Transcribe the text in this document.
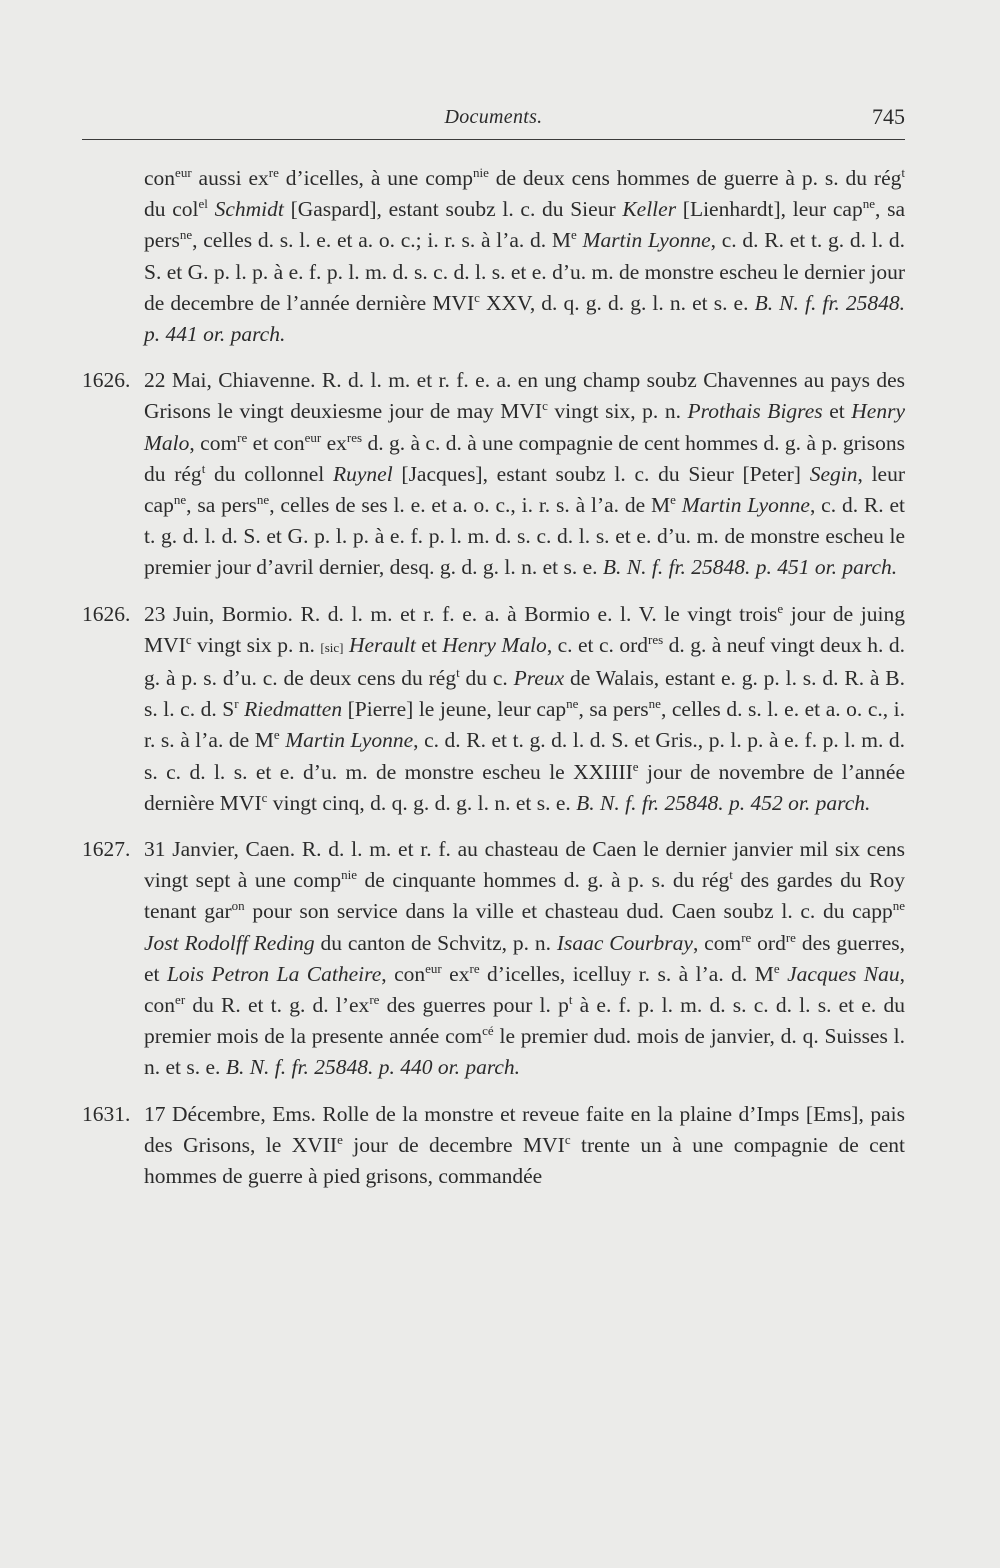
Documents.	745

con$^{eur}$ aussi $ex^{re}$ d’icelles, à une comp$^{nie}$ de deux cens hommes de guerre à p. s. du rég$^t$ du col$^{el}$ Schmidt [Gaspard], estant soubz l. c. du Sieur Keller [Lienhardt], leur cap$^{ne}$, sa pers$^{ne}$, celles d. s. l. e. et a. o. c.; i. r. s. à l’a. d. Me Martin Lyonne, c. d. R. et t. g. d. l. d. S. et G. p. l. p. à e. f. p. l. m. d. s. c. d. l. s. et e. d’u. m. de monstre escheu le dernier jour de decembre de l’année dernière MVI$^c$ XXV, d. q. g. d. g. l. n. et s. e. B. N. f. fr. 25848. p. 441 or. parch.

1626. 22 Mai, Chiavenne. R. d. l. m. et r. f. e. a. en ung champ soubz Chavennes au pays des Grisons le vingt deuxiesme jour de may MVI$^c$ vingt six, p. n. Prothais Bigres et Henry Malo, com$^{re}$ et con$^{eur}$ $ex^{res}$ d. g. à c. d. à une compagnie de cent hommes d. g. à p. grisons du rég$^t$ du collonnel Ruynel [Jacques], estant soubz l. c. du Sieur [Peter] Segin, leur cap$^{ne}$, sa pers$^{ne}$, celles de ses l. e. et a. o. c., i. r. s. à l’a. de Me Martin Lyonne, c. d. R. et t. g. d. l. d. S. et G. p. l. p. à e. f. p. l. m. d. s. c. d. l. s. et e. d’u. m. de monstre escheu le premier jour d’avril dernier, desq. g. d. g. l. n. et s. e. B. N. f. fr. 25848. p. 451 or. parch.

1626. 23 Juin, Bormio. R. d. l. m. et r. f. e. a. à Bormio e. l. V. le vingt trois$^e$ jour de juing MVI$^c$ vingt six p. n. [sic] Herault et Henry Malo, c. et c. ord$^{res}$ d. g. à neuf vingt deux h. d. g. à p. s. d’u. c. de deux cens du rég$^t$ du c. Preux de Walais, estant e. g. p. l. s. d. R. à B. s. l. c. d. $S^r$ Riedmatten [Pierre] le jeune, leur cap$^{ne}$, sa pers$^{ne}$, celles d. s. l. e. et a. o. c., i. r. s. à l’a. de Me Martin Lyonne, c. d. R. et t. g. d. l. d. S. et Gris., p. l. p. à e. f. p. l. m. d. s. c. d. l. s. et e. d’u. m. de monstre escheu le XXIIIIe jour de novembre de l’année dernière MVI$^c$ vingt cinq, d. q. g. d. g. l. n. et s. e. B. N. f. fr. 25848. p. 452 or. parch.

1627. 31 Janvier, Caen. R. d. l. m. et r. f. au chasteau de Caen le dernier janvier mil six cens vingt sept à une comp$^{nie}$ de cinquante hommes d. g. à p. s. du rég$^t$ des gardes du Roy tenant gar$^{on}$ pour son service dans la ville et chasteau dud. Caen soubz l. c. du capp$^{ne}$ Jost Rodolff Reding du canton de Schvitz, p. n. Isaac Courbray, com$^{re}$ ord$^{re}$ des guerres, et Lois Petron La Catheire, con$^{eur}$ $ex^{re}$ d’icelles, icelluy r. s. à l’a. d. Me Jacques Nau, con$^{er}$ du R. et t. g. d. $l’ex^{re}$ des guerres pour l. $p^t$ à e. f. p. l. m. d. s. c. d. l. s. et e. du premier mois de la presente année com$^{cé}$ le premier dud. mois de janvier, d. q. Suisses l. n. et s. e. B. N. f. fr. 25848. p. 440 or. parch.

1631. 17 Décembre, Ems. Rolle de la monstre et reveue faite en la plaine d’Imps [Ems], pais des Grisons, le XVIIe jour de decembre MVI$^c$ trente un à une compagnie de cent hommes de guerre à pied grisons, commandée
